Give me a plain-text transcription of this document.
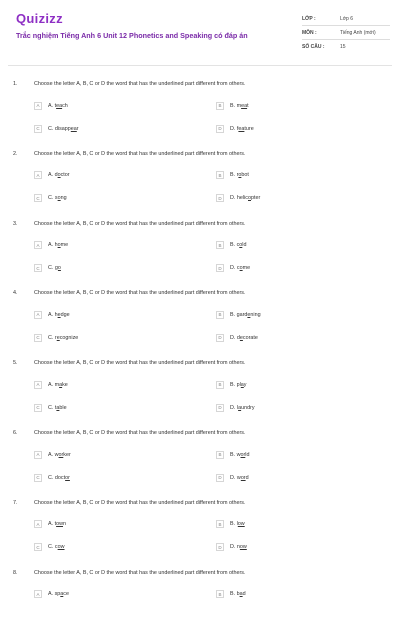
Quizizz
Trắc nghiệm Tiếng Anh 6 Unit 12 Phonetics and Speaking có đáp án
LỚP :	Lớp 6
MÔN :	Tiếng Anh (mới)
SỐ CÂU :	15
1.	Choose the letter A, B, C or D the word that has the underlined part different from others.
A	A. teach	B	B. meat
C	C. disappear	D	D. feature
2.	Choose the letter A, B, C or D the word that has the underlined part different from others.
A	A. doctor	B	B. robot
C	C. song	D	D. helicopter
3.	Choose the letter A, B, C or D the word that has the underlined part different from others.
A	A. home	B	B. cold
C	C. go	D	D. come
4.	Choose the letter A, B, C or D the word that has the underlined part different from others.
A	A. hedge	B	B. gardening
C	C. recognize	D	D. decorate
5.	Choose the letter A, B, C or D the word that has the underlined part different from others.
A	A. make	B	B. play
C	C. table	D	D. laundry
6.	Choose the letter A, B, C or D the word that has the underlined part different from others.
A	A. worker	B	B. world
C	C. doctor	D	D. word
7.	Choose the letter A, B, C or D the word that has the underlined part different from others.
A	A. town	B	B. low
C	C. cow	D	D. now
8.	Choose the letter A, B, C or D the word that has the underlined part different from others.
A	A. space	B	B. bad
